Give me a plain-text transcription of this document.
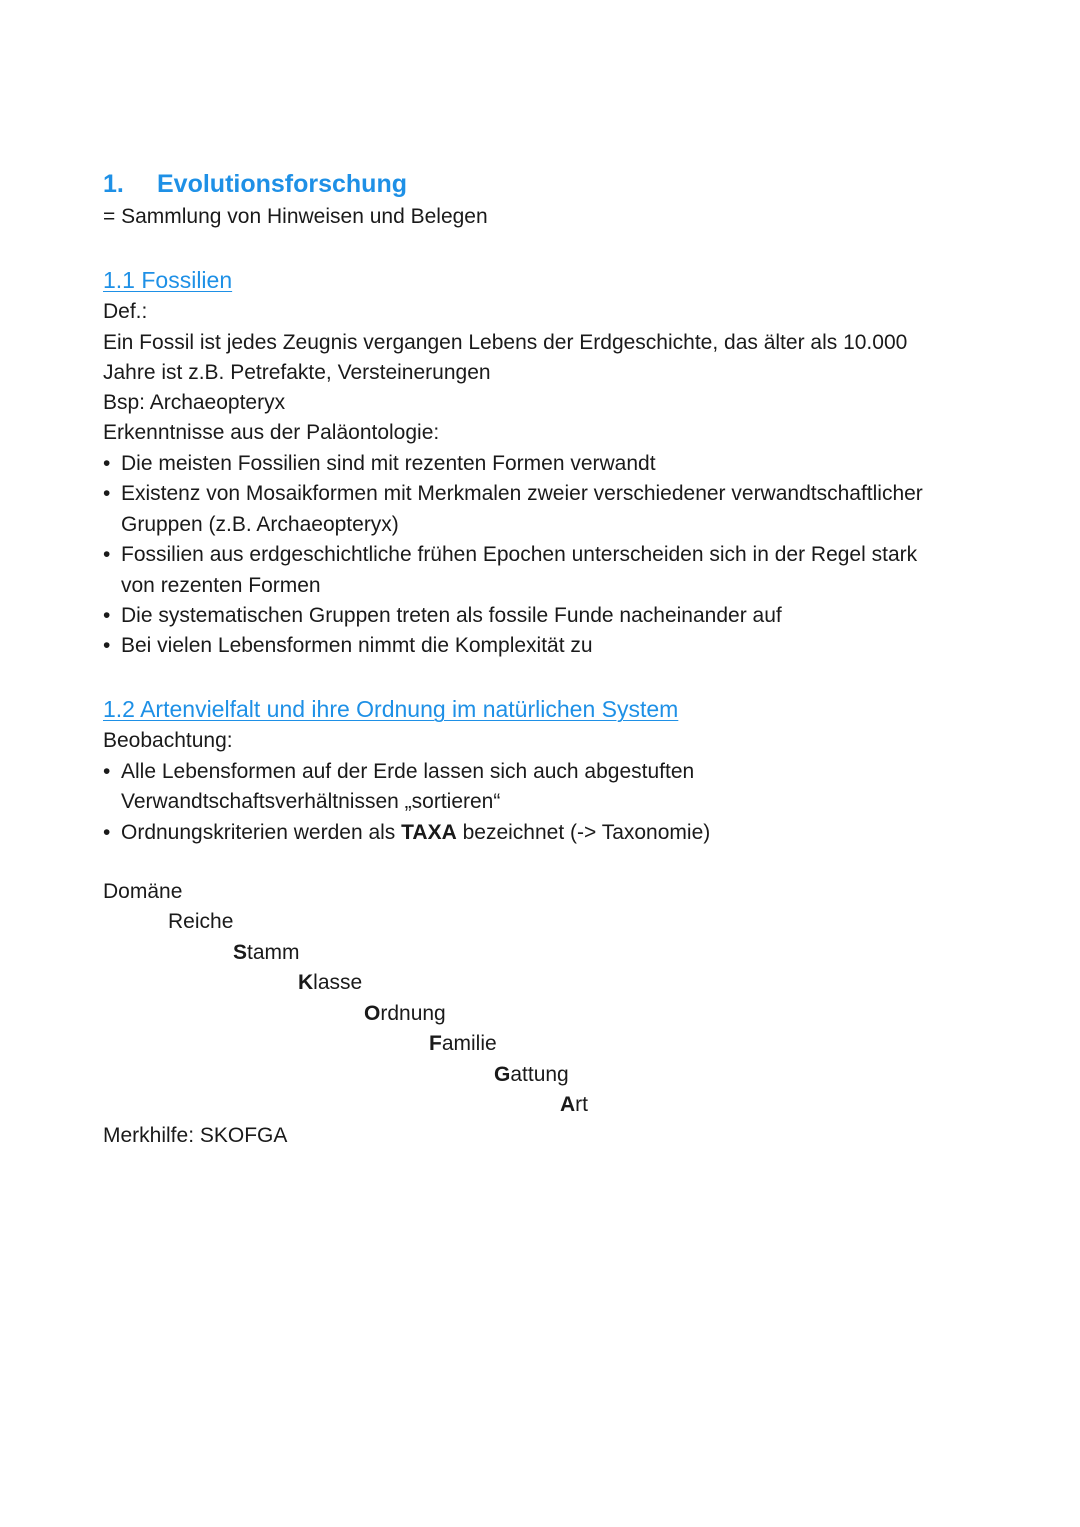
1. Evolutionsforschung
= Sammlung von Hinweisen und Belegen
1.1 Fossilien
Def.:
Ein Fossil ist jedes Zeugnis vergangen Lebens der Erdgeschichte, das älter als 10.000
Jahre ist z.B. Petrefakte, Versteinerungen
Bsp: Archaeopteryx
Erkenntnisse aus der Paläontologie:
• Die meisten Fossilien sind mit rezenten Formen verwandt
• Existenz von Mosaikformen mit Merkmalen zweier verschiedener verwandtschaftlicher
Gruppen (z.B. Archaeopteryx)
• Fossilien aus erdgeschichtliche frühen Epochen unterscheiden sich in der Regel stark
von rezenten Formen
• Die systematischen Gruppen treten als fossile Funde nacheinander auf
• Bei vielen Lebensformen nimmt die Komplexität zu
1.2 Artenvielfalt und ihre Ordnung im natürlichen System
Beobachtung:
• Alle Lebensformen auf der Erde lassen sich auch abgestuften
Verwandtschaftsverhältnissen „sortieren“
• Ordnungskriterien werden als TAXA bezeichnet (-> Taxonomie)
Domäne
Reiche
Stamm
Klasse
Ordnung
Familie
Gattung
Art
Merkhilfe: SKOFGA
